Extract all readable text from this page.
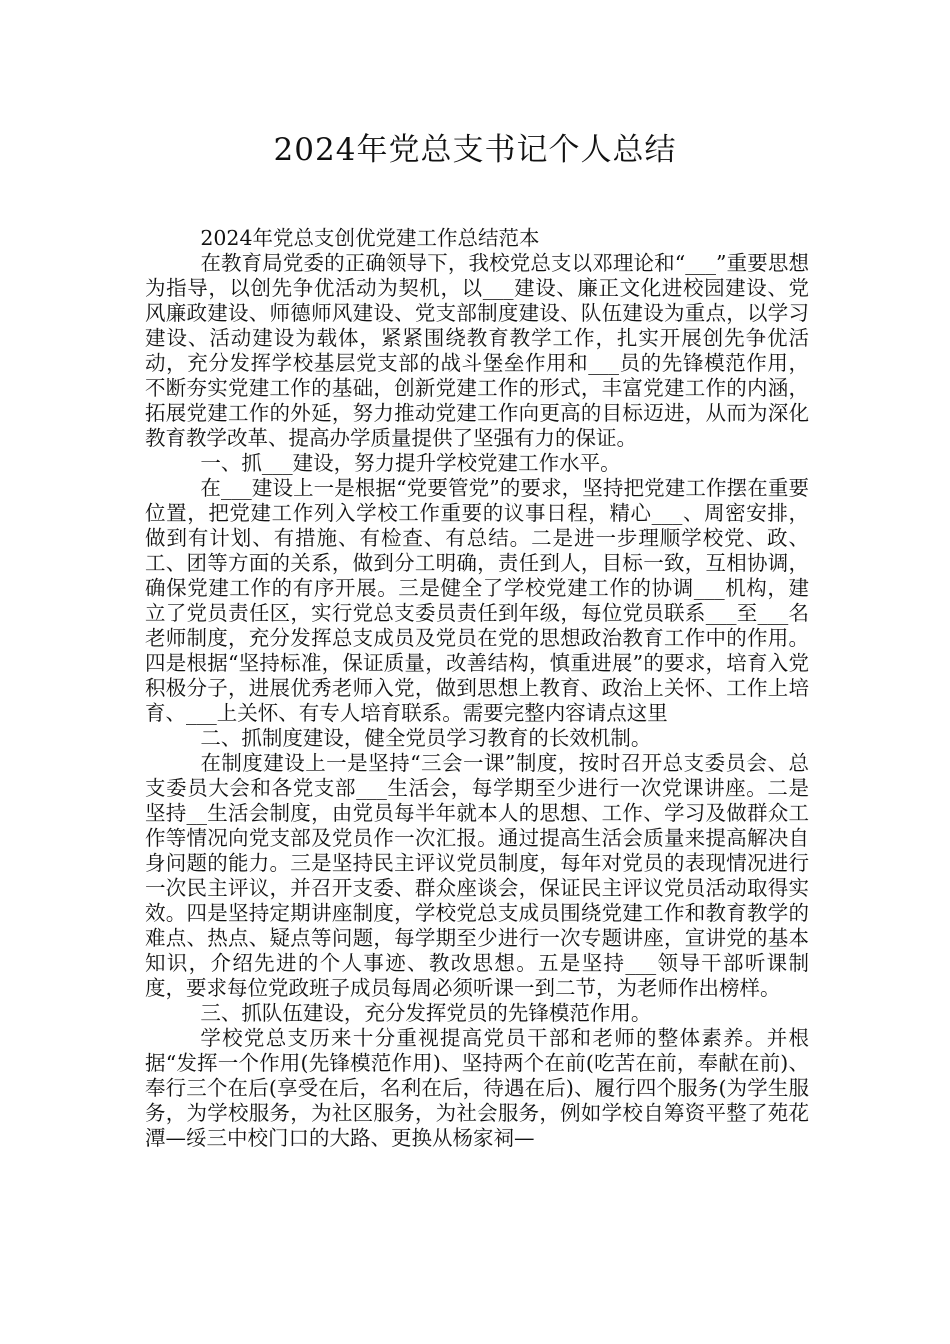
2024年党总支书记个人总结

2024年党总支创优党建工作总结范本

在教育局党委的正确领导下，我校党总支以邓理论和“___”重要思想为指导，以创先争优活动为契机，以___建设、廉正文化进校园建设、党风廉政建设、师德师风建设、党支部制度建设、队伍建设为重点，以学习建设、活动建设为载体，紧紧围绕教育教学工作，扎实开展创先争优活动，充分发挥学校基层党支部的战斗堡垒作用和___员的先锋模范作用，不断夯实党建工作的基础，创新党建工作的形式，丰富党建工作的内涵，拓展党建工作的外延，努力推动党建工作向更高的目标迈进，从而为深化教育教学改革、提高办学质量提供了坚强有力的保证。

一、抓___建设，努力提升学校党建工作水平。

在___建设上一是根据“党要管党”的要求，坚持把党建工作摆在重要位置，把党建工作列入学校工作重要的议事日程，精心___、周密安排，做到有计划、有措施、有检查、有总结。二是进一步理顺学校党、政、工、团等方面的关系，做到分工明确，责任到人，目标一致，互相协调，确保党建工作的有序开展。三是健全了学校党建工作的协调___机构，建立了党员责任区，实行党总支委员责任到年级，每位党员联系___至___名老师制度，充分发挥总支成员及党员在党的思想政治教育工作中的作用。四是根据“坚持标准，保证质量，改善结构，慎重进展”的要求，培育入党积极分子，进展优秀老师入党，做到思想上教育、政治上关怀、工作上培育、___上关怀、有专人培育联系。需要完整内容请点这里

二、抓制度建设，健全党员学习教育的长效机制。

在制度建设上一是坚持“三会一课”制度，按时召开总支委员会、总支委员大会和各党支部___生活会，每学期至少进行一次党课讲座。二是坚持__生活会制度，由党员每半年就本人的思想、工作、学习及做群众工作等情况向党支部及党员作一次汇报。通过提高生活会质量来提高解决自身问题的能力。三是坚持民主评议党员制度，每年对党员的表现情况进行一次民主评议，并召开支委、群众座谈会，保证民主评议党员活动取得实效。四是坚持定期讲座制度，学校党总支成员围绕党建工作和教育教学的难点、热点、疑点等问题，每学期至少进行一次专题讲座，宣讲党的基本知识，介绍先进的个人事迹、教改思想。五是坚持___领导干部听课制度，要求每位党政班子成员每周必须听课一到二节，为老师作出榜样。

三、抓队伍建设，充分发挥党员的先锋模范作用。

学校党总支历来十分重视提高党员干部和老师的整体素养。并根据“发挥一个作用(先锋模范作用)、坚持两个在前(吃苦在前，奉献在前)、奉行三个在后(享受在后，名利在后，待遇在后)、履行四个服务(为学生服务，为学校服务，为社区服务，为社会服务，例如学校自筹资平整了苑花潭—绥三中校门口的大路、更换从杨家祠—
